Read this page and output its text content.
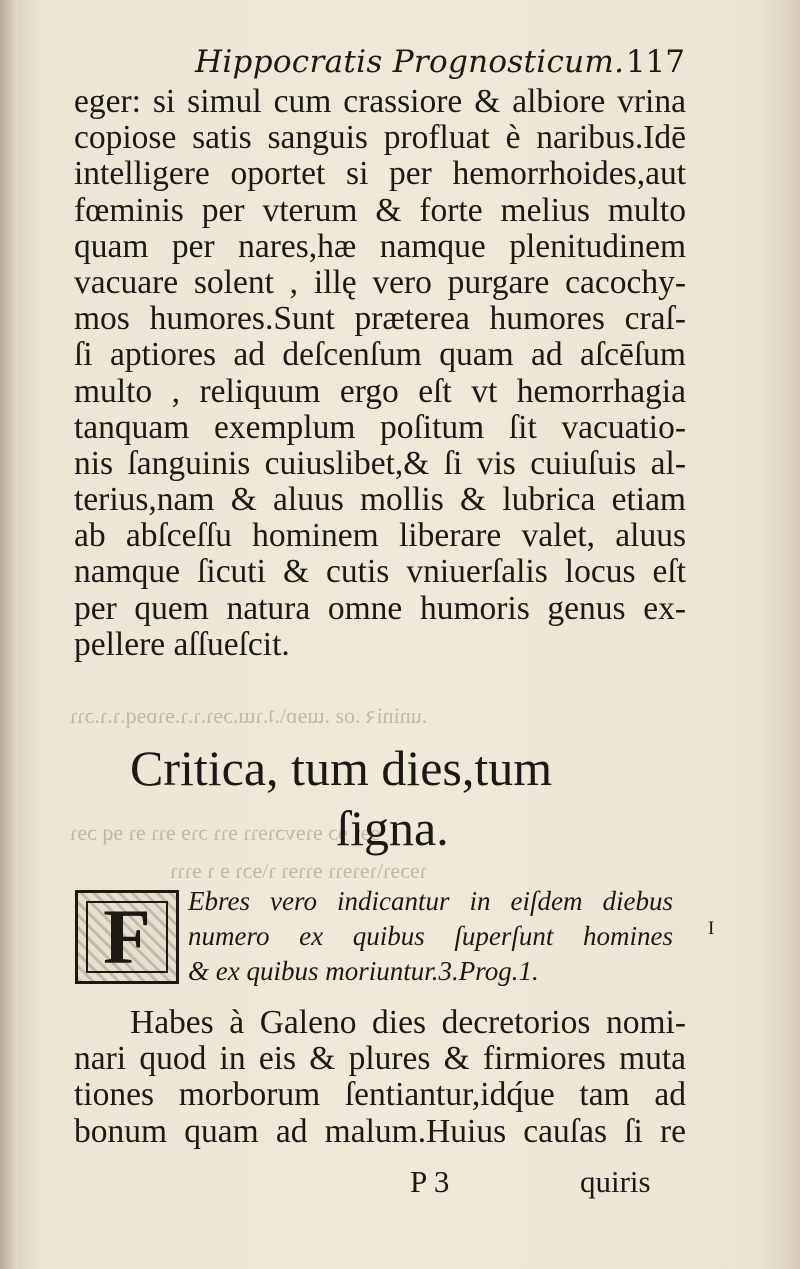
.uniniꝛ .oƨ .ɯɘɒ\.ʇ.ɿɯ.ɔɘɿ.ɿ.ɿ.ɘɿɒɘq.ɿ.ɿ.ɔɿɿ
ɘɘɿ ɘɔ ɘɿɘvɔɿɘɿɿ ɘɿɿ ɔɿɘ ɘɿɿ ɘɿ ɘq ɔɘɿ
ɿɘɔɘɿ\ɿɘɿɘɿɿ ɘɿɿɘɿ ɿ\ɘɔɿ ɘ ɿ ɘɿɿɿ
Hippocratis Prognosticum. 117
eger: si simul cum crassiore & albiore vrina
copiose satis sanguis profluat è naribus.Idē
intelligere oportet si per hemorrhoides,aut
fœminis per vterum & forte melius multo
quam per nares,hæ namque plenitudinem
vacuare solent , illę vero purgare cacochy-
mos humores.Sunt præterea humores craſ-
ſi aptiores ad deſcenſum quam ad aſcēſum
multo , reliquum ergo eſt vt hemorrhagia
tanquam exemplum poſitum ſit vacuatio-
nis ſanguinis cuiuslibet,& ſi vis cuiuſuis al-
terius,nam & aluus mollis & lubrica etiam
ab abſceſſu hominem liberare valet, aluus
namque ſicuti & cutis vniuerſalis locus eſt
per quem natura omne humoris genus ex-
pellere aſſueſcit.
Critica, tum dies,tum
ſigna.
F	Ebres vero indicantur in eiſdem diebus
numero ex quibus ſuperſunt homines
& ex quibus moriuntur.3.Prog.1.
I
Habes à Galeno dies decretorios nomi-
nari quod in eis & plures & firmiores muta
tiones morborum ſentiantur,idq́ue tam ad
bonum quam ad malum.Huius cauſas ſi re
P 3	quiris
